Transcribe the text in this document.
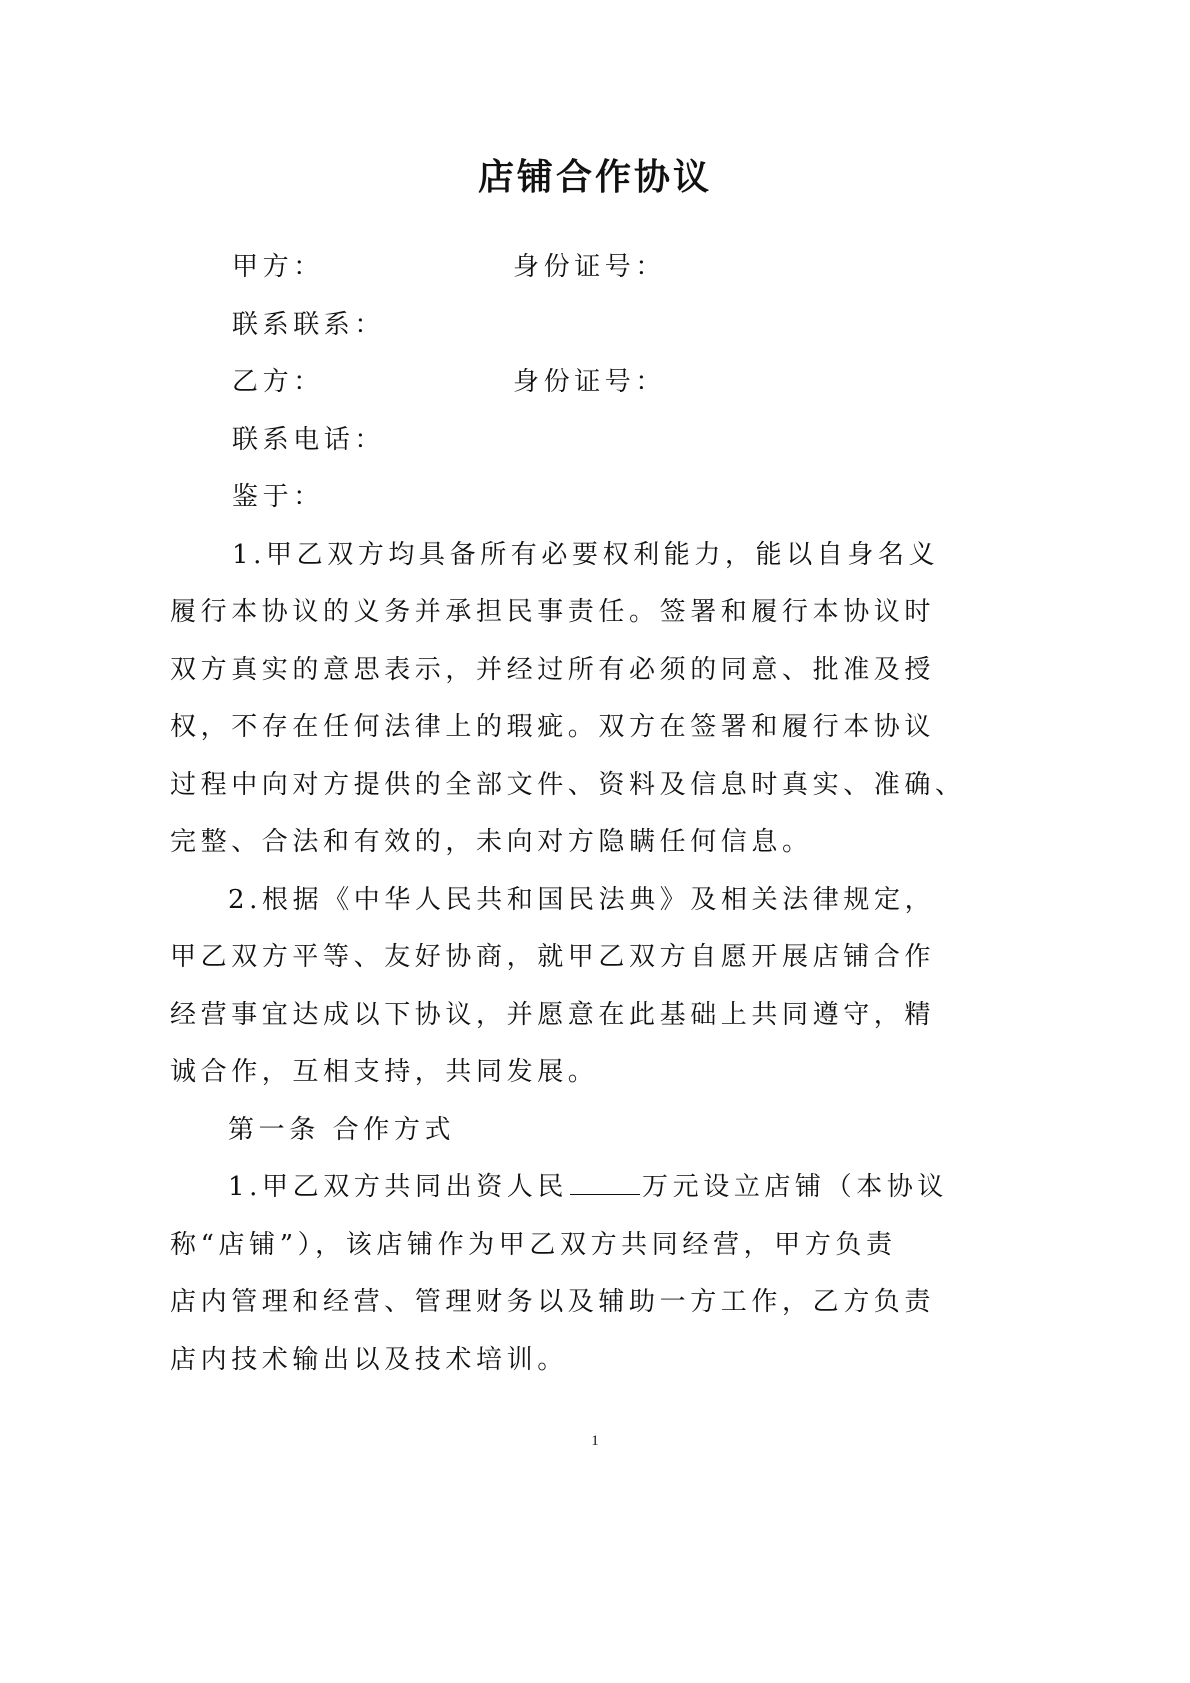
店铺合作协议
甲方：	身份证号：
联系联系：
乙方：	身份证号：
联系电话：
鉴于：
1.甲乙双方均具备所有必要权利能力，能以自身名义
履行本协议的义务并承担民事责任。签署和履行本协议时
双方真实的意思表示，并经过所有必须的同意、批准及授
权，不存在任何法律上的瑕疵。双方在签署和履行本协议
过程中向对方提供的全部文件、资料及信息时真实、准确、
完整、合法和有效的，未向对方隐瞒任何信息。
2.根据《中华人民共和国民法典》及相关法律规定，
甲乙双方平等、友好协商，就甲乙双方自愿开展店铺合作
经营事宜达成以下协议，并愿意在此基础上共同遵守，精
诚合作，互相支持，共同发展。
第一条 合作方式
1.甲乙双方共同出资人民	万元设立店铺（本协议
称“店铺”），该店铺作为甲乙双方共同经营，甲方负责
店内管理和经营、管理财务以及辅助一方工作，乙方负责
店内技术输出以及技术培训。
1
